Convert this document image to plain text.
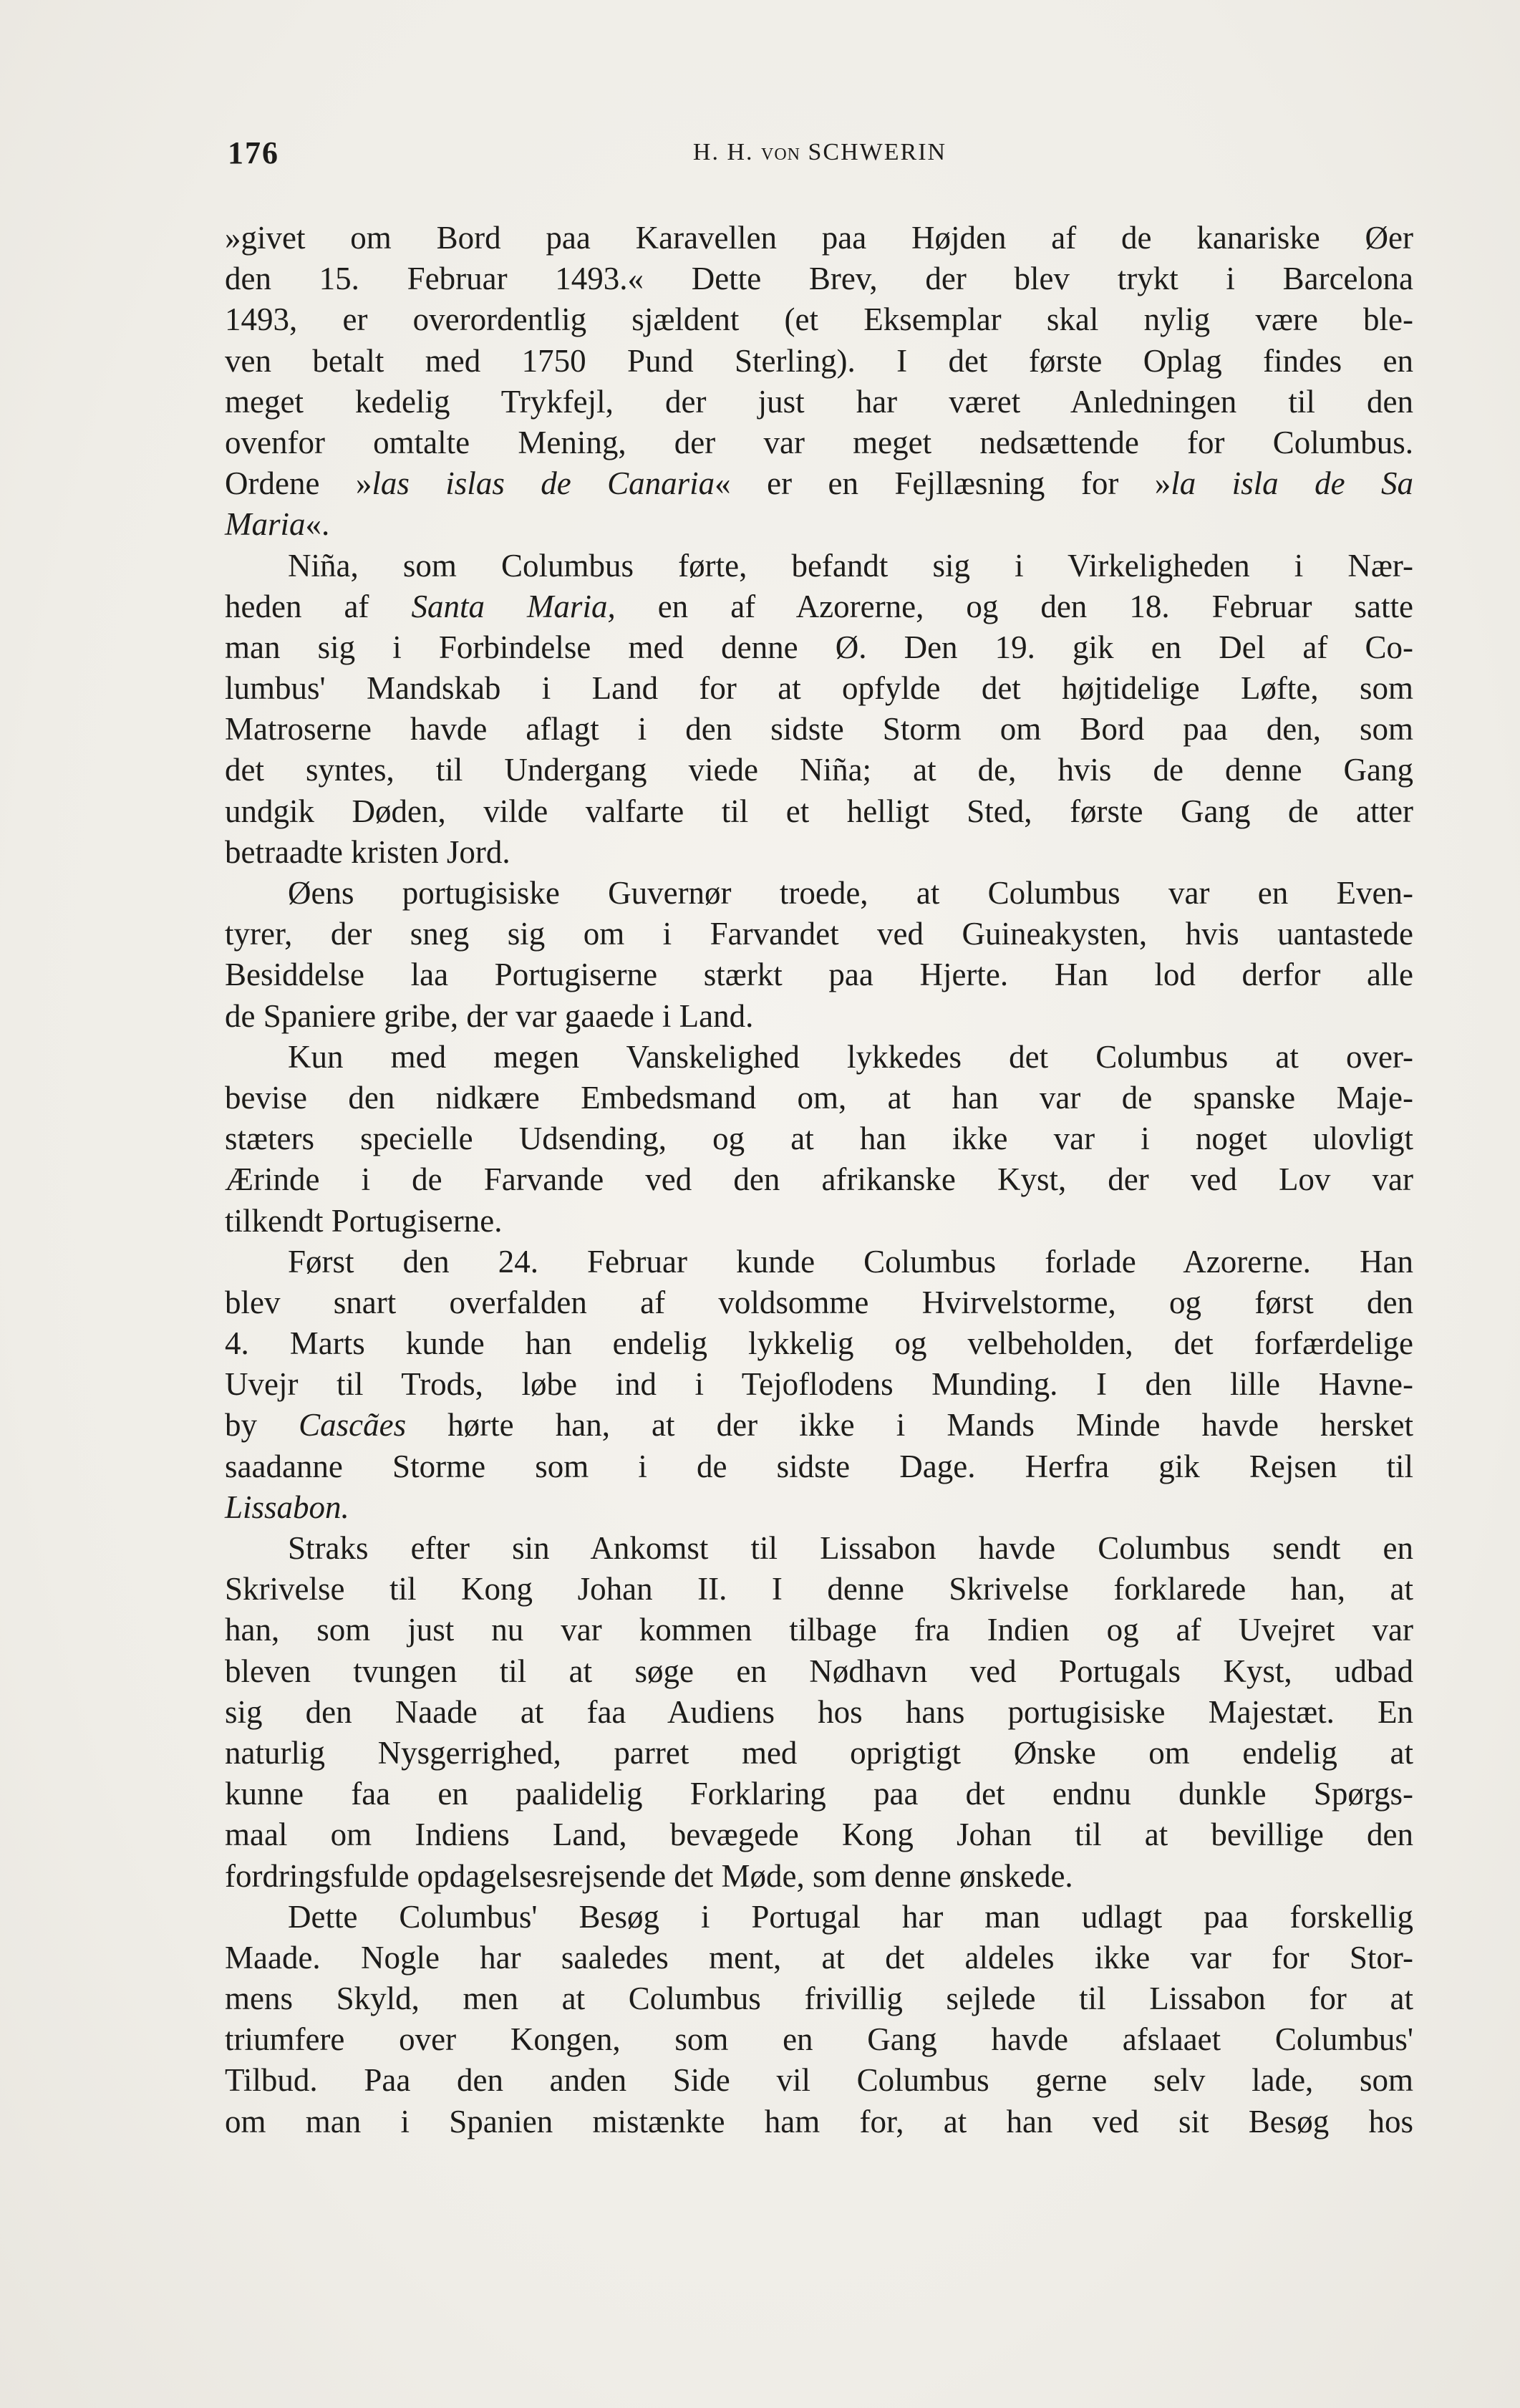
176	H. H. VON SCHWERIN
»givet om Bord paa Karavellen paa Højden af de kanariske Øer
den 15. Februar 1493.« Dette Brev, der blev trykt i Barcelona
1493, er overordentlig sjældent (et Eksemplar skal nylig være ble-
ven betalt med 1750 Pund Sterling). I det første Oplag findes en
meget kedelig Trykfejl, der just har været Anledningen til den
ovenfor omtalte Mening, der var meget nedsættende for Columbus.
Ordene »las islas de Canaria« er en Fejllæsning for »la isla de Sa
Maria«.
Niña, som Columbus førte, befandt sig i Virkeligheden i Nær-
heden af Santa Maria, en af Azorerne, og den 18. Februar satte
man sig i Forbindelse med denne Ø. Den 19. gik en Del af Co-
lumbus' Mandskab i Land for at opfylde det højtidelige Løfte, som
Matroserne havde aflagt i den sidste Storm om Bord paa den, som
det syntes, til Undergang viede Niña; at de, hvis de denne Gang
undgik Døden, vilde valfarte til et helligt Sted, første Gang de atter
betraadte kristen Jord.
Øens portugisiske Guvernør troede, at Columbus var en Even-
tyrer, der sneg sig om i Farvandet ved Guineakysten, hvis uantastede
Besiddelse laa Portugiserne stærkt paa Hjerte. Han lod derfor alle
de Spaniere gribe, der var gaaede i Land.
Kun med megen Vanskelighed lykkedes det Columbus at over-
bevise den nidkære Embedsmand om, at han var de spanske Maje-
stæters specielle Udsending, og at han ikke var i noget ulovligt
Ærinde i de Farvande ved den afrikanske Kyst, der ved Lov var
tilkendt Portugiserne.
Først den 24. Februar kunde Columbus forlade Azorerne. Han
blev snart overfalden af voldsomme Hvirvelstorme, og først den
4. Marts kunde han endelig lykkelig og velbeholden, det forfærdelige
Uvejr til Trods, løbe ind i Tejoflodens Munding. I den lille Havne-
by Cascães hørte han, at der ikke i Mands Minde havde hersket
saadanne Storme som i de sidste Dage. Herfra gik Rejsen til
Lissabon.
Straks efter sin Ankomst til Lissabon havde Columbus sendt en
Skrivelse til Kong Johan II. I denne Skrivelse forklarede han, at
han, som just nu var kommen tilbage fra Indien og af Uvejret var
bleven tvungen til at søge en Nødhavn ved Portugals Kyst, udbad
sig den Naade at faa Audiens hos hans portugisiske Majestæt. En
naturlig Nysgerrighed, parret med oprigtigt Ønske om endelig at
kunne faa en paalidelig Forklaring paa det endnu dunkle Spørgs-
maal om Indiens Land, bevægede Kong Johan til at bevillige den
fordringsfulde opdagelsesrejsende det Møde, som denne ønskede.
Dette Columbus' Besøg i Portugal har man udlagt paa forskellig
Maade. Nogle har saaledes ment, at det aldeles ikke var for Stor-
mens Skyld, men at Columbus frivillig sejlede til Lissabon for at
triumfere over Kongen, som en Gang havde afslaaet Columbus'
Tilbud. Paa den anden Side vil Columbus gerne selv lade, som
om man i Spanien mistænkte ham for, at han ved sit Besøg hos
